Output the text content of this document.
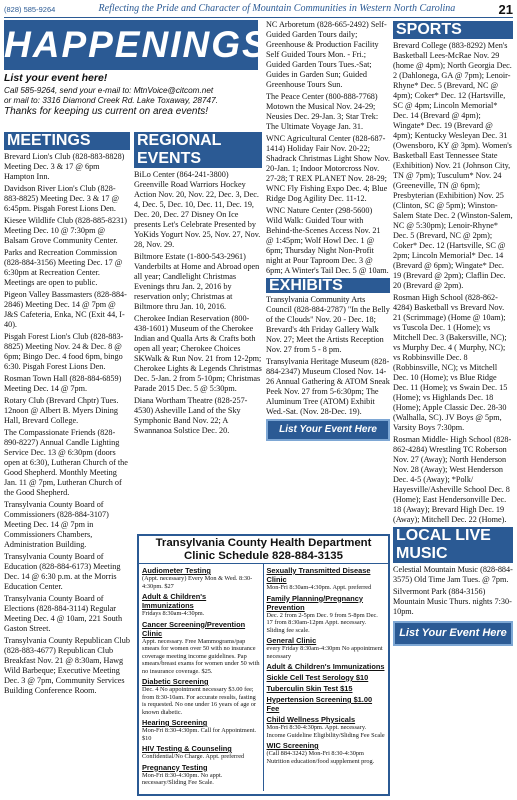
(828) 585-9264	Reflecting the Pride and Character of Mountain Communities in Western North Carolina	21
HAPPENINGS
List your event here!
Call 585-9264, send your e-mail to: MtnVoice@citcom.net
or mail to: 3316 Diamond Creek Rd. Lake Toxaway, 28747.
Thanks for keeping us current on area events!
MEETINGS
Brevard Lion's Club (828-883-8828) Meeting Dec. 3 & 17 @ 6pm Hampton Inn.
Davidson River Lion's Club (828-883-8825) Meeting Dec. 3 & 17 @ 6:45pm. Pisgah Forest Lions Den.
Kiesee Wildlife Club (828-885-8231) Meeting Dec. 10 @ 7:30pm @ Balsam Grove Community Center.
Parks and Recreation Commission (828-884-3156) Meeting Dec. 17 @ 6:30pm at Recreation Center. Meetings are open to public.
Pigeon Valley Bassmasters (828-884-2846) Meeting Dec. 14 @ 7pm @ J&S Cafeteria, Enka, NC (Exit 44, I-40).
Pisgah Forest Lion's Club (828-883-8825) Meeting Nov. 24 & Dec. 8 @ 6pm; Bingo Dec. 4 food 6pm, bingo 6:30. Pisgah Forest Lions Den.
Rosman Town Hall (828-884-6859) Meeting Dec. 14 @ 7pm.
Rotary Club (Brevard Chptr) Tues. 12noon @ Albert B. Myers Dining Hall, Brevard College.
The Compassionate Friends (828-890-8227) Annual Candle Lighting Service Dec. 13 @ 6:30pm (doors open at 6:30), Lutheran Church of the Good Shepherd. Monthly Meeting Jan. 11 @ 7pm, Lutheran Church of the Good Shepherd.
Transylvania County Board of Commissioners (828-884-3107) Meeting Dec. 14 @ 7pm in Commissioners Chambers, Administration Building.
Transylvania County Board of Education (828-884-6173) Meeting Dec. 14 @ 6:30 p.m. at the Morris Education Center.
Transylvania County Board of Elections (828-884-3114) Regular Meeting Dec. 4 @ 10am, 221 South Gaston Street.
Transylvania County Republican Club (828-883-4677) Republican Club Breakfast Nov. 21 @ 8:30am, Hawg Wild Barbeque; Executive Meeting Dec. 3 @ 7pm, Community Services Building Conference Room.
REGIONAL EVENTS
BiLo Center (864-241-3800) Greenville Road Warriors Hockey Action Nov. 20, Nov. 22, Dec. 3, Dec. 4, Dec. 5, Dec. 10, Dec. 11, Dec. 19, Dec. 20, Dec. 27 Disney On Ice presents Let's Celebrate Presented by YoKids Yogurt Nov. 25, Nov. 27, Nov. 28, Nov. 29.
Biltmore Estate (1-800-543-2961) Vanderbilts at Home and Abroad open all year; Candlelight Christmas Evenings thru Jan. 2, 2016 by reservation only; Christmas at Biltmore thru Jan. 10, 2016.
Cherokee Indian Reservation (800-438-1601) Museum of the Cherokee Indian and Qualla Arts & Crafts both open all year; Cherokee Choices SKWalk & Run Nov. 21 from 12-2pm; Cherokee Lights & Legends Christmas Dec. 5-Jan. 2 from 5-10pm; Christmas Parade 2015 Dec. 5 @ 5:30pm.
Diana Wortham Theatre (828-257-4530) Asheville Land of the Sky Symphonic Band Nov. 22; A Swannanoa Solstice Dec. 20.
NC Arboretum (828-665-2492) Self-Guided Garden Tours daily; Greenhouse & Production Facility Self Guided Tours Mon. - Fri.; Guided Garden Tours Tues.-Sat; Guides in Garden Sun; Guided Greenhouse Tours Sun.
The Peace Center (800-888-7768) Motown the Musical Nov. 24-29; Neusies Dec. 29-Jan. 3; Star Trek: The Ultimate Voyage Jan. 31.
WNC Agricultural Center (828-687-1414) Holiday Fair Nov. 20-22; Shadrack Christmas Light Show Nov. 20-Jan. 1; Indoor Motorcross Nov. 27-28; T REX PLANET Nov. 28-29; WNC Fly Fishing Expo Dec. 4; Blue Ridge Dog Agility Dec. 11-12.
WNC Nature Center (298-5600) Wild Walk: Guided Tour with Behind-the-Scenes Access Nov. 21 @ 1:45pm; Wolf Howl Dec. 1 @ 6pm; Thursday Night Non-Profit night at Pour Taproom Dec. 3 @ 6pm; A Winter's Tail Dec. 5 @ 10am.
EXHIBITS
Transylvania Community Arts Council (828-884-2787) "In the Belly of the Clouds" Nov. 20 - Dec. 18; Brevard's 4th Friday Gallery Walk Nov. 27; Meet the Artists Reception Nov. 27 from 5 - 8 pm.
Transylvania Heritage Museum (828-884-2347) Museum Closed Nov. 14-26 Annual Gathering & ATOM Sneak Peek Nov. 27 from 5-6:30pm; The Aluminum Tree (ATOM) Exhibit Wed.-Sat. (Nov. 28-Dec. 19).
List Your Event Here
SPORTS
Brevard College (883-8292) Men's Basketball Lees-McRae Nov. 29 (home @ 4pm); North Georgia Dec. 2 (Dahlonega, GA @ 7pm); Lenoir-Rhyne* Dec. 5 (Brevard, NC @ 4pm); Coker* Dec. 12 (Hartsville, SC @ 4pm; Lincoln Memorial* Dec. 14 (Brevard @ 4pm); Wingate* Dec. 19 (Brevard @ 4pm); Kentucky Wesleyan Dec. 31 (Owensboro, KY @ 3pm). Women's Basketball East Tennessee State (Exhibition) Nov. 21 (Johnson City, TN @ 7pm); Tusculum* Nov. 24 (Greeneville, TN @ 6pm); Presbyterian (Exhibition) Nov. 25 (Clinton, SC @ 5pm); Winston-Salem State Dec. 2 (Winston-Salem, NC @ 5:30pm); Lenoir-Rhyne* Dec. 5 (Brevard, NC @ 2pm); Coker* Dec. 12 (Hartsville, SC @ 2pm; Lincoln Memorial* Dec. 14 (Brevard @ 6pm); Wingate* Dec. 19 (Brevard @ 2pm); Claflin Dec. 20 (Brevard @ 2pm).
Rosman High School (828-862-4284) Basketball vs Brevard Nov. 21 (Scrimmage) (Home @ 10am); vs Tuscola Dec. 1 (Home); vs Mitchell Dec. 3 (Bakersville, NC); vs Murphy Dec. 4 ( Murphy, NC); vs Robbinsville Dec. 8 (Robbinsville, NC); vs Mitchell Dec. 10 (Home); vs Blue Ridge Dec. 11 (Home); vs Swain Dec. 15 (Home); vs Highlands Dec. 18 (Home); Apple Classic Dec. 28-30 (Walhalla, SC). JV Boys @ 5pm, Varsity Boys 7:30pm.
Rosman Middle- High School (828-862-4284) Wrestling TC Roberson Nov. 27 (Away); North Henderson Nov. 28 (Away); West Henderson Dec. 4-5 (Away); *Polk/ Hayesville/Asheville School Dec. 8 (Home); East Hendersonville Dec. 18 (Away); Brevard High Dec. 19 (Away); Mitchell Dec. 22 (Home).
LOCAL LIVE MUSIC
Celestial Mountain Music (828-884-3575) Old Time Jam Tues. @ 7pm.
Silvermont Park (884-3156) Mountain Music Thurs. nights 7:30-10pm.
List Your Event Here
Transylvania County Health Department
Clinic Schedule 828-884-3135
Audiometer Testing
(Appt. necessary) Every Mon & Wed. 8:30-4:30pm. $27
Adult & Children's Immunizations
Fridays 8:30am-4:30pm.
Cancer Screening/Prevention Clinic
Appt. necessary. Free Mammograms/pap smears for women over 50 with no insurance coverage meeting income guidelines. Pap smears/breast exams for women under 50 with no insurance coverage. $25.
Diabetic Screening
Dec. 4 No appointment necessary $3.00 fee; from 8:30-10am. For accurate results, fasting is requested. No one under 16 years of age or known diabetic.
Hearing Screening
Mon-Fri 8:30-4:30pm. Call for Appointment. $10
HIV Testing & Counseling
Confidential/No Charge. Appt. preferred
Pregnancy Testing
Mon-Fri 8:30-4:30pm. No appt. necessary/Sliding Fee Scale.
Sexually Transmitted Disease Clinic
Mon-Fri 8:30am-4:30pm. Appt. preferred
Family Planning/Pregnancy Prevention
Dec. 2 from 2-5pm Dec. 9 from 5-8pm Dec. 17 from 8:30am-12pm Appt. necessary. Sliding fee scale.
General Clinic
every Friday 8:30am-4:30pm No appointment necessary
Adult & Children's Immunizations
Sickle Cell Test Serology $10
Tuberculin Skin Test $15
Hypertension Screening $1.00 Fee
Child Wellness Physicals
Mon-Fri 8:30-4:30pm. Appt. necessary. Income Guideline Eligibility/Sliding Fee Scale
WIC Screening
(Call 884-3242) Mon-Fri 8:30-4:30pm Nutrition education/food supplement prog.
